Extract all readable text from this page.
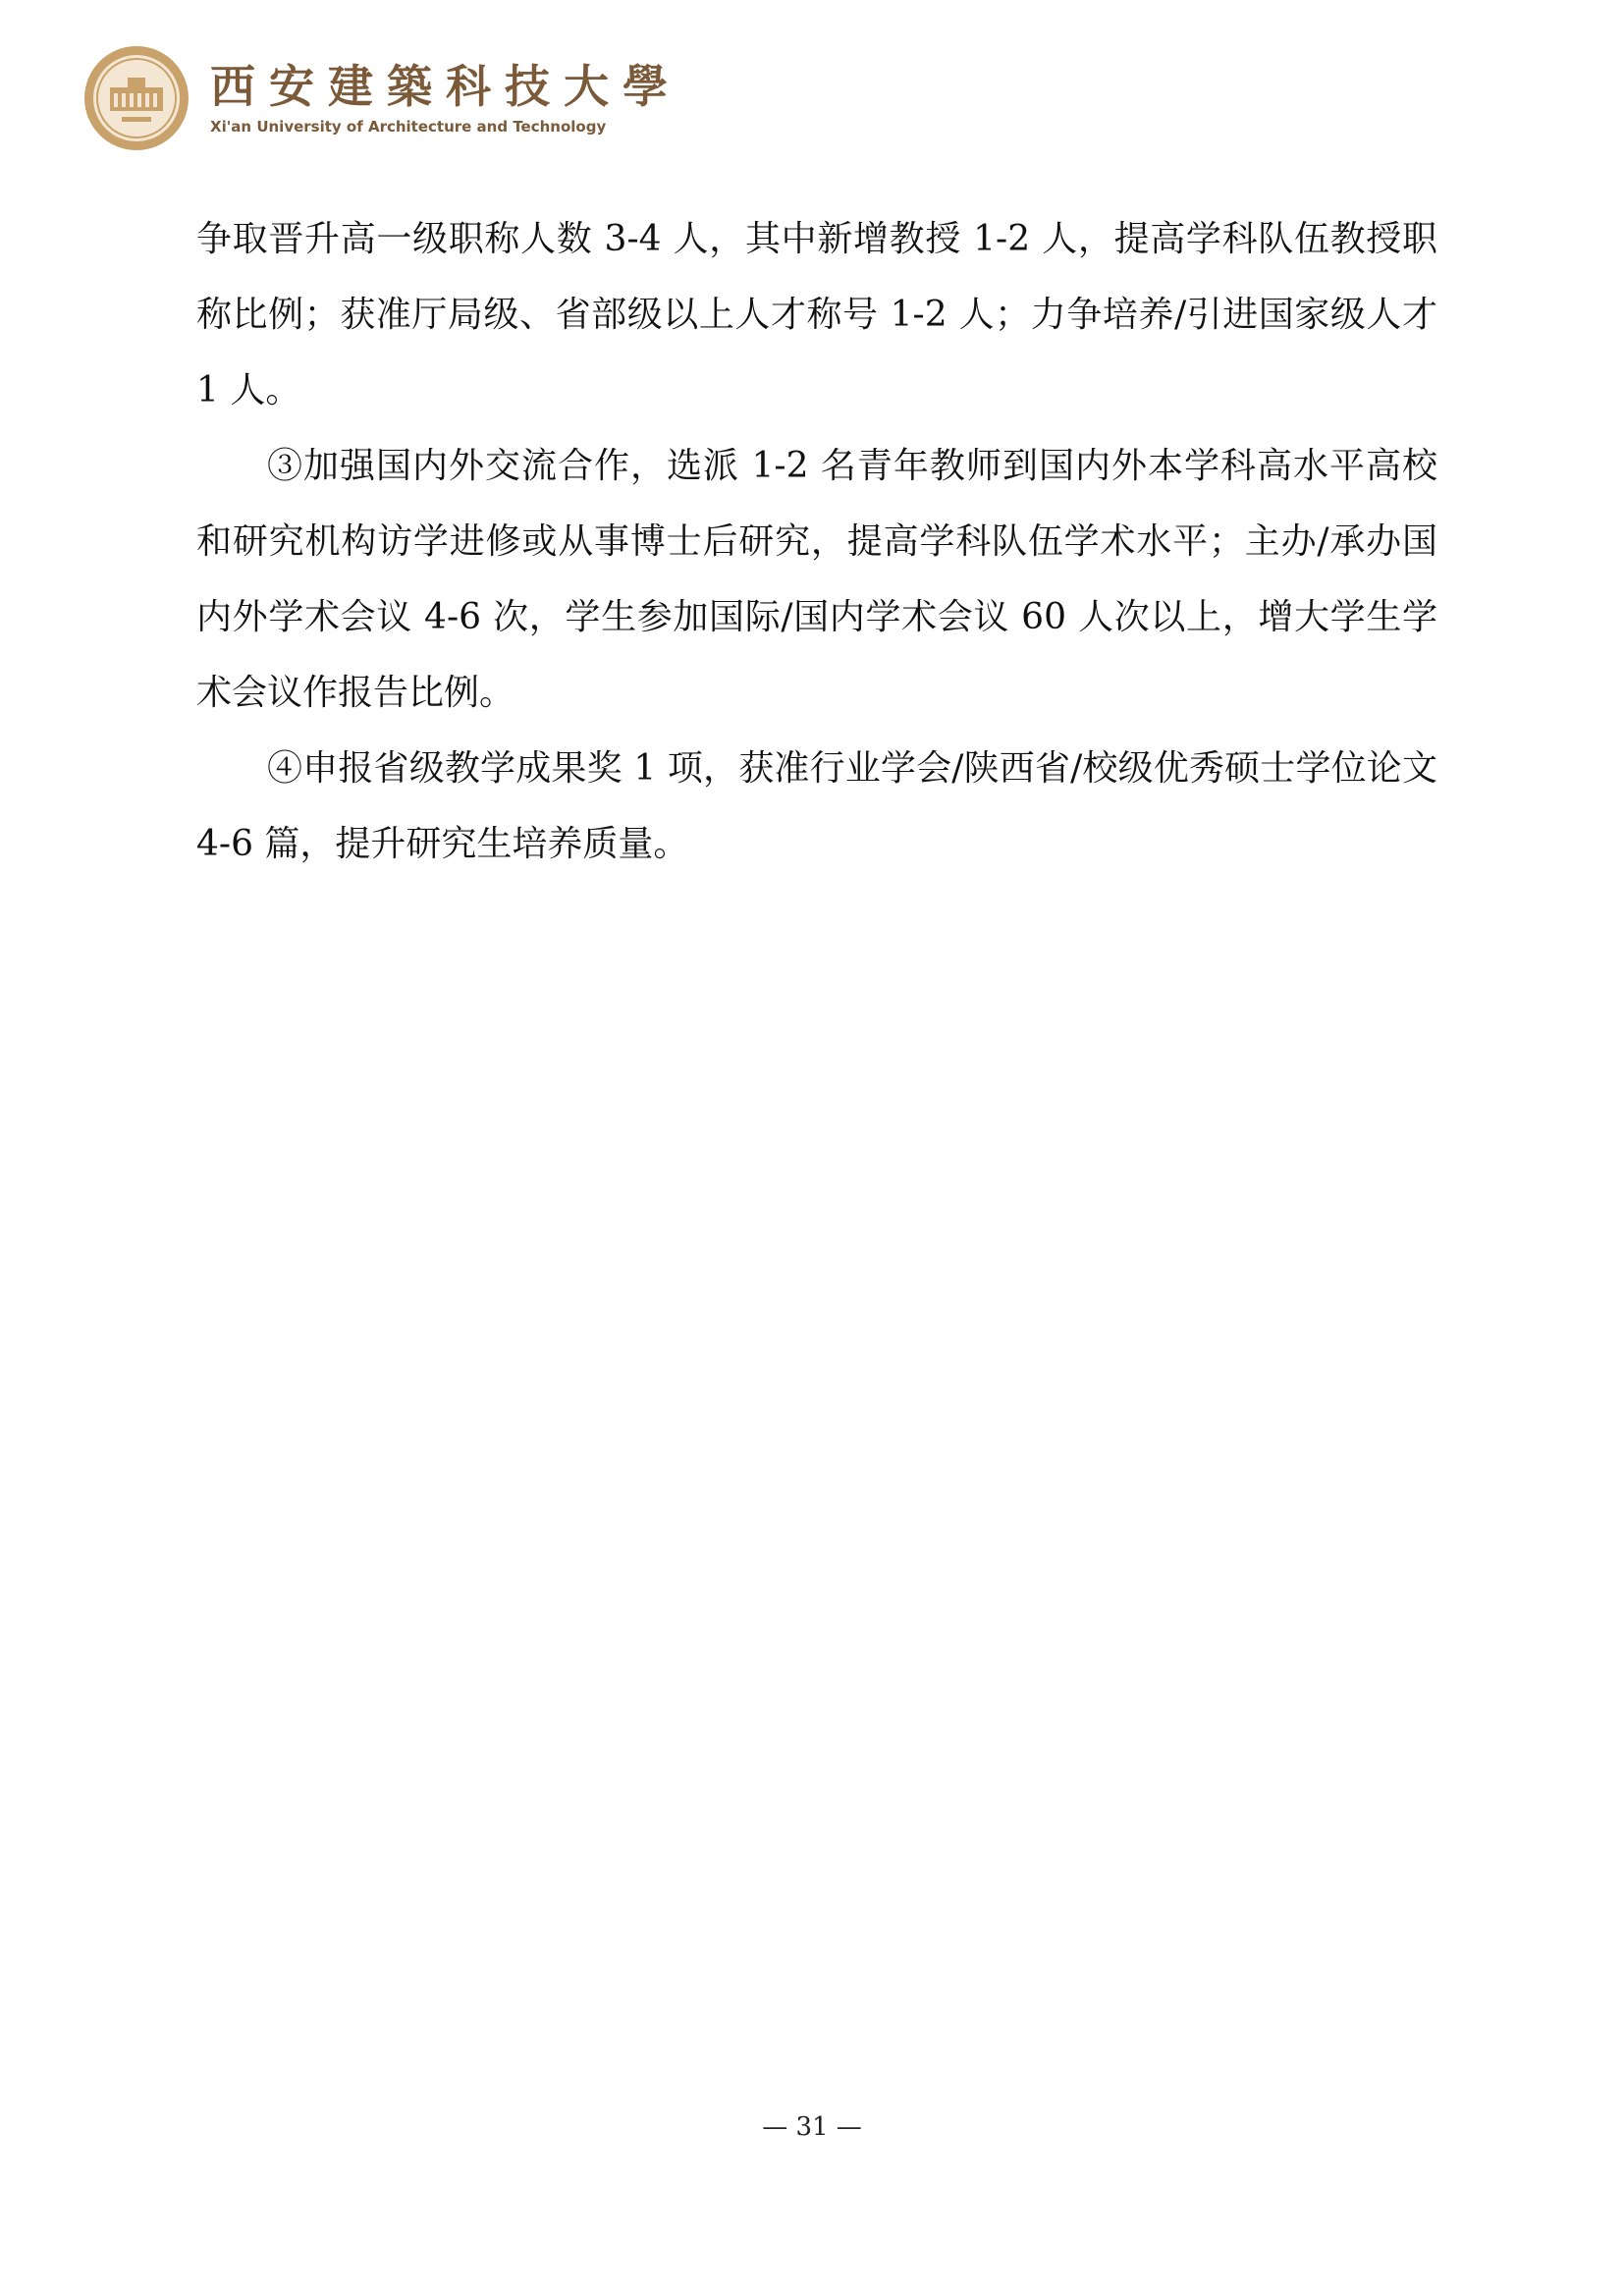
西安建築科技大學
Xi'an University of Architecture and Technology

争取晋升高一级职称人数 3-4 人，其中新增教授 1-2 人，提高学科队伍教授职称比例；获准厅局级、省部级以上人才称号 1-2 人；力争培养/引进国家级人才 1 人。

③加强国内外交流合作，选派 1-2 名青年教师到国内外本学科高水平高校和研究机构访学进修或从事博士后研究，提高学科队伍学术水平；主办/承办国内外学术会议 4-6 次，学生参加国际/国内学术会议 60 人次以上，增大学生学术会议作报告比例。

④申报省级教学成果奖 1 项，获准行业学会/陕西省/校级优秀硕士学位论文 4-6 篇，提升研究生培养质量。

— 31 —
